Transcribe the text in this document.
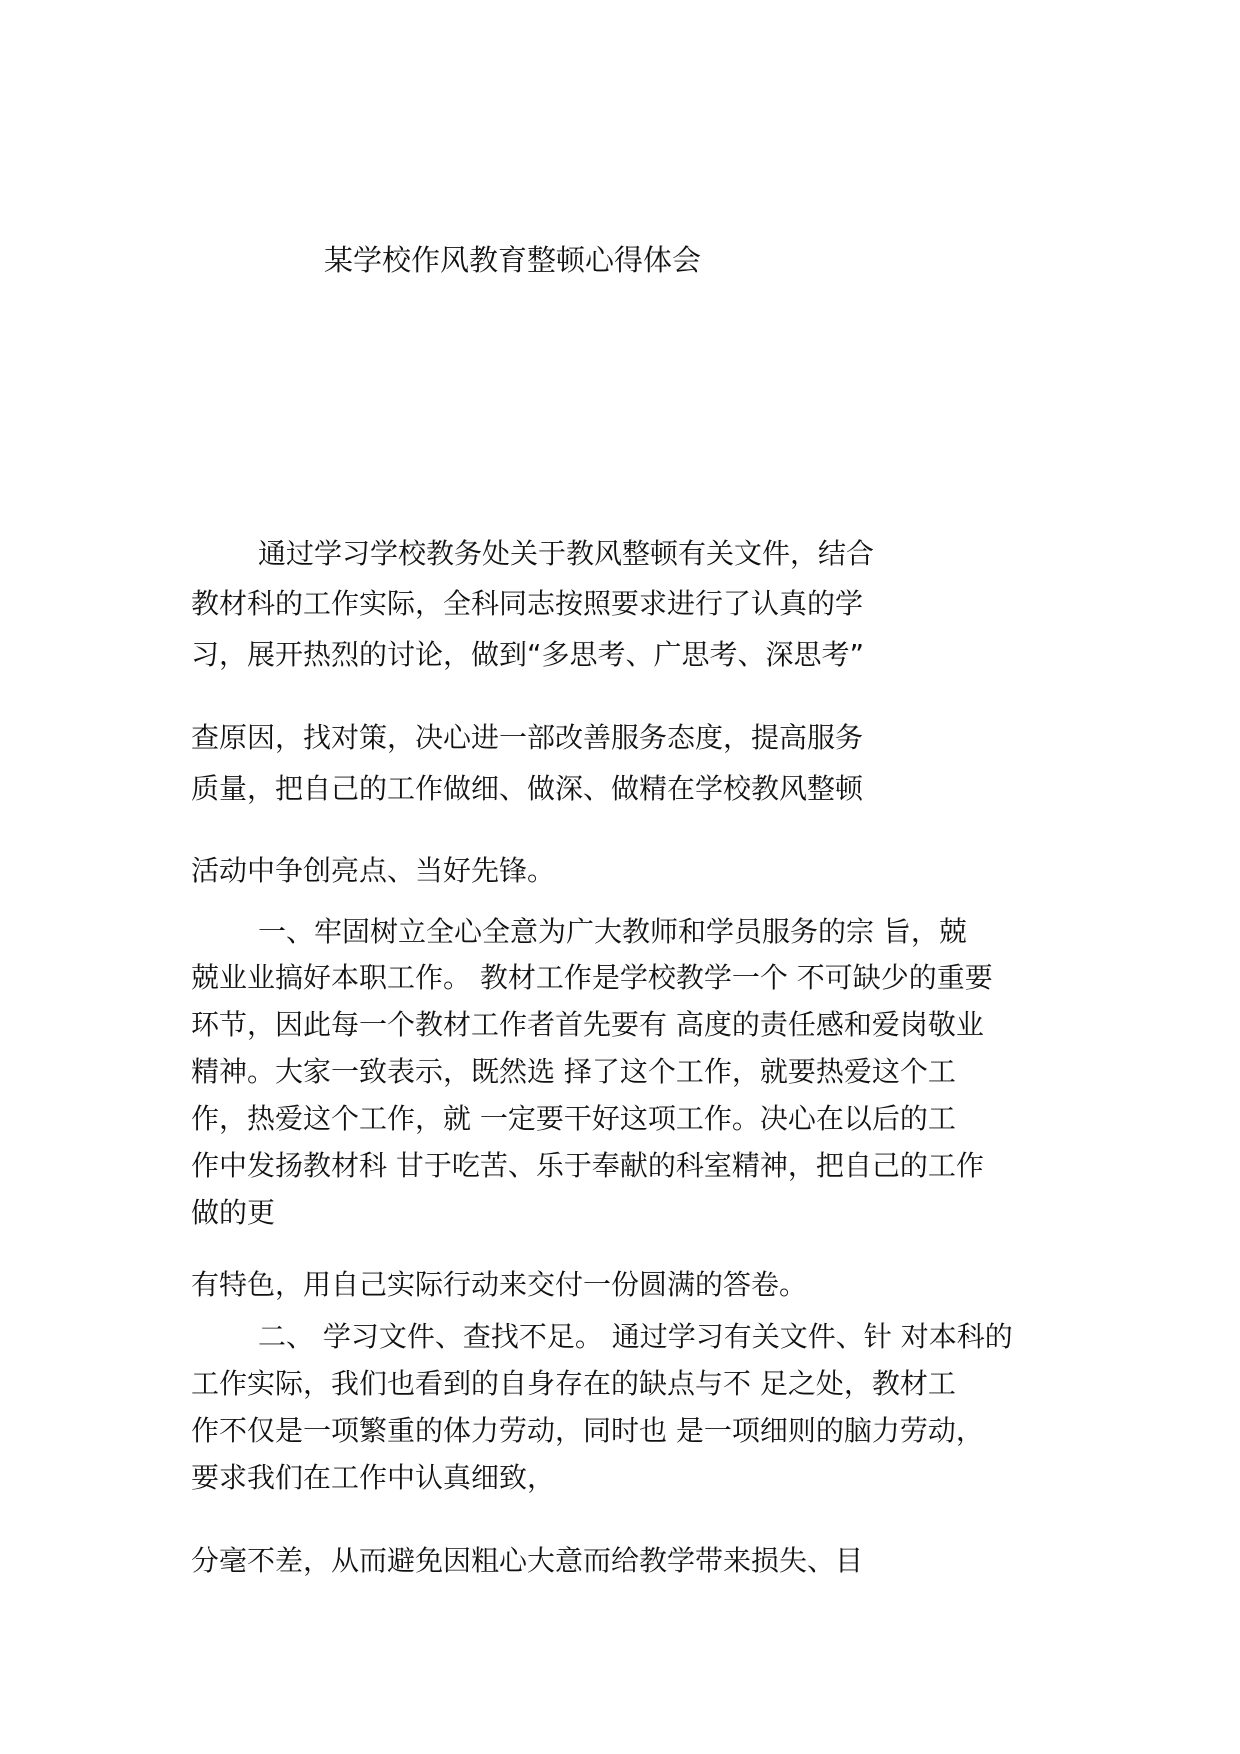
某学校作风教育整顿心得体会
通过学习学校教务处关于教风整顿有关文件，结合
教材科的工作实际，全科同志按照要求进行了认真的学
习，展开热烈的讨论，做到“多思考、广思考、深思考”
查原因，找对策，决心进一部改善服务态度，提高服务
质量，把自己的工作做细、做深、做精在学校教风整顿
活动中争创亮点、当好先锋。
一、牢固树立全心全意为广大教师和学员服务的宗 旨，兢
兢业业搞好本职工作。 教材工作是学校教学一个 不可缺少的重要
环节，因此每一个教材工作者首先要有 高度的责任感和爱岗敬业
精神。大家一致表示，既然选 择了这个工作，就要热爱这个工
作，热爱这个工作，就 一定要干好这项工作。决心在以后的工
作中发扬教材科 甘于吃苦、乐于奉献的科室精神，把自己的工作
做的更
有特色，用自己实际行动来交付一份圆满的答卷。
二、 学习文件、查找不足。 通过学习有关文件、针 对本科的
工作实际，我们也看到的自身存在的缺点与不 足之处，教材工
作不仅是一项繁重的体力劳动，同时也 是一项细则的脑力劳动，
要求我们在工作中认真细致，
分毫不差，从而避免因粗心大意而给教学带来损失、目
